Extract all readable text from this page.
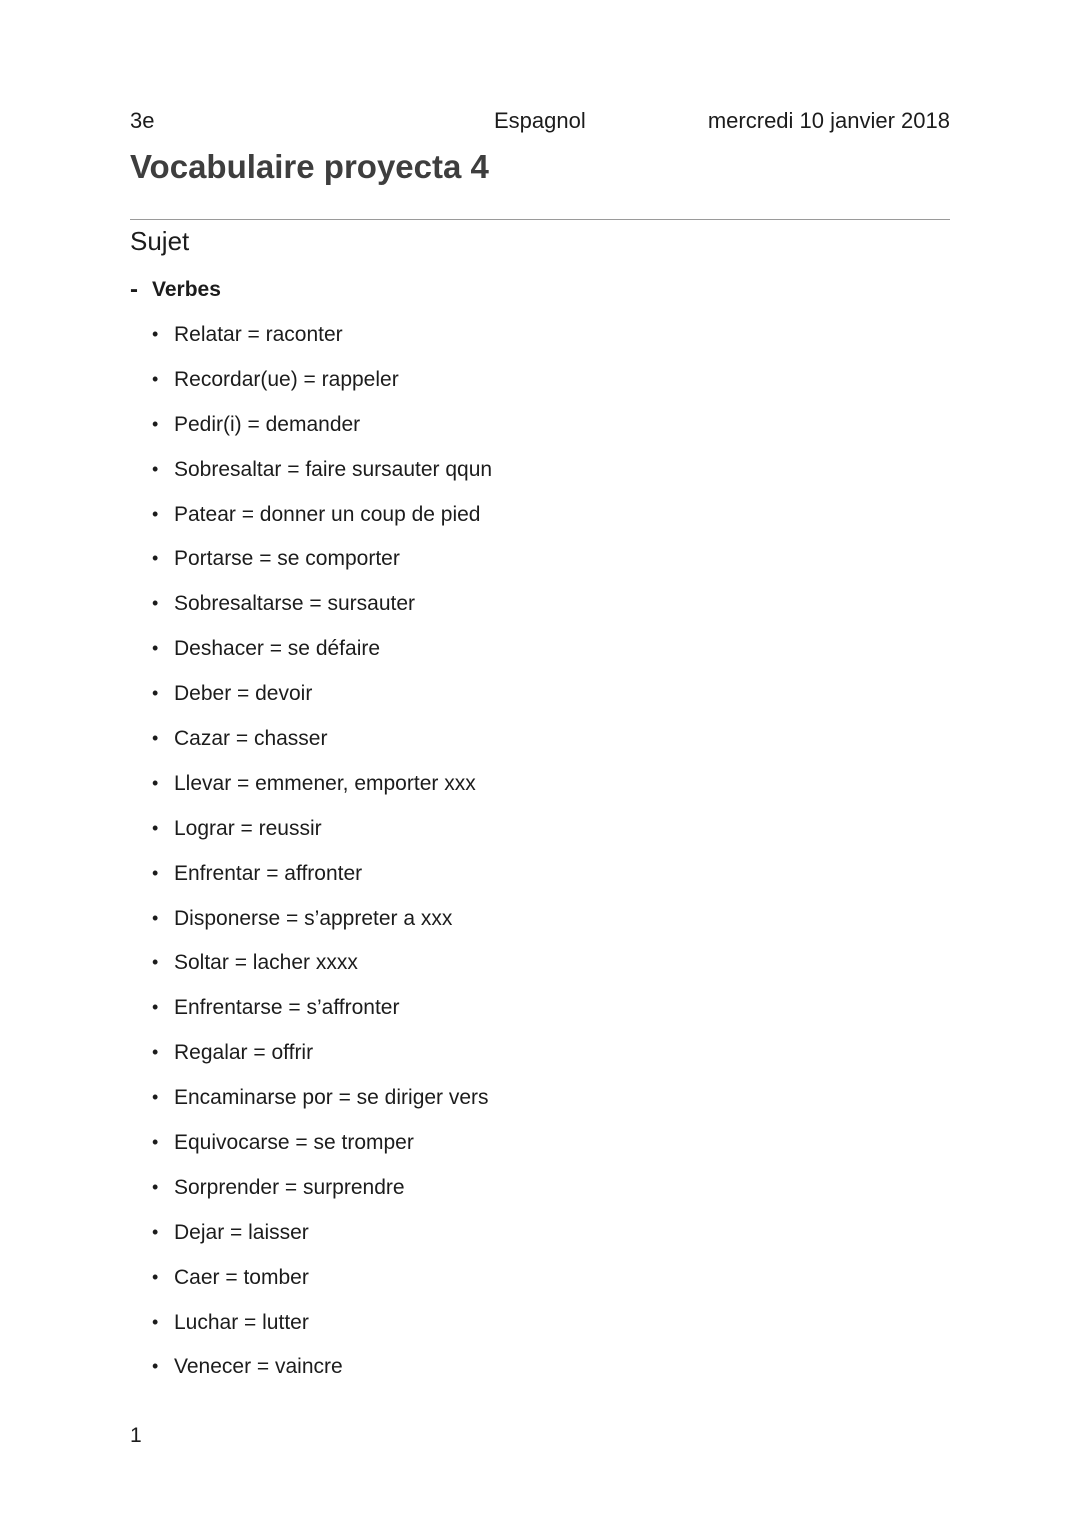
3e	Espagnol	mercredi 10 janvier 2018
Vocabulaire proyecta 4
Sujet
- Verbes
• Relatar = raconter
• Recordar(ue) = rappeler
• Pedir(i) = demander
• Sobresaltar = faire sursauter qqun
• Patear = donner un coup de pied
• Portarse = se comporter
• Sobresaltarse = sursauter
• Deshacer = se défaire
• Deber = devoir
• Cazar = chasser
• Llevar = emmener, emporter xxx
• Lograr = reussir
• Enfrentar = affronter
• Disponerse = s’appreter a xxx
• Soltar = lacher xxxx
• Enfrentarse = s’affronter
• Regalar = offrir
• Encaminarse por = se diriger vers
• Equivocarse = se tromper
• Sorprender = surprendre
• Dejar = laisser
• Caer = tomber
• Luchar = lutter
• Venecer = vaincre
1
